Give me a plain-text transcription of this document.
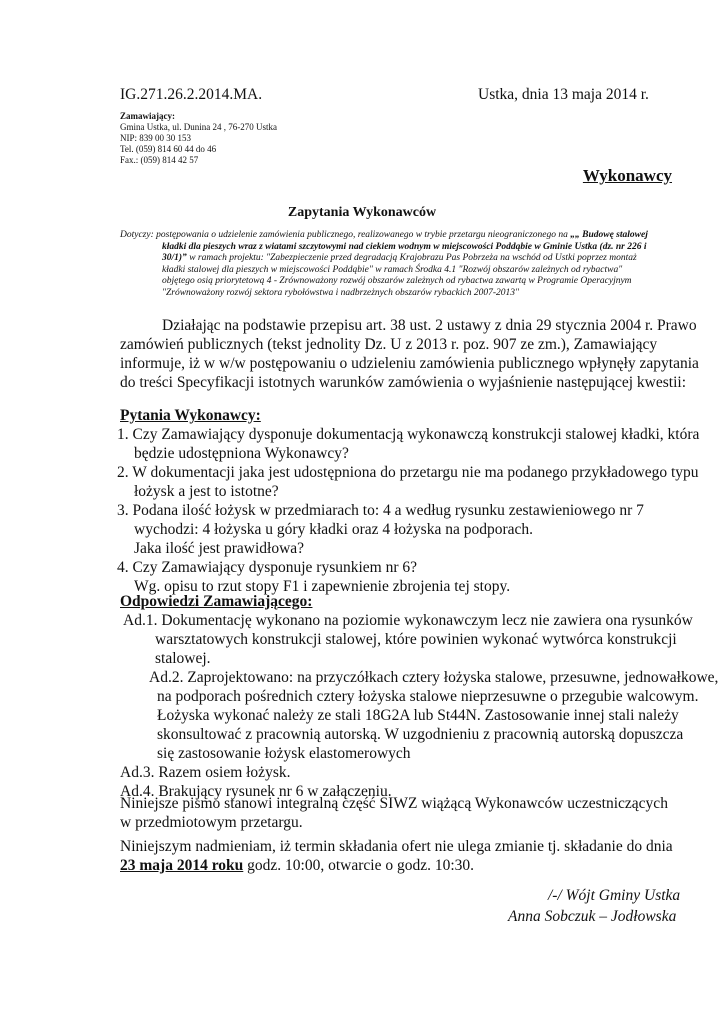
IG.271.26.2.2014.MA.	Ustka, dnia 13 maja 2014 r.
Zamawiający:
Gmina Ustka, ul. Dunina 24 , 76-270 Ustka
NIP: 839 00 30 153
Tel. (059) 814 60 44 do 46
Fax.: (059) 814 42 57
Wykonawcy
Zapytania Wykonawców
Dotyczy: postępowania o udzielenie zamówienia publicznego, realizowanego w trybie przetargu nieograniczonego na „„ Budowę stalowej
kładki dla pieszych wraz z wiatami szczytowymi nad ciekiem wodnym w miejscowości Poddąbie w Gminie Ustka (dz. nr 226 i
30/1)” w ramach projektu: "Zabezpieczenie przed degradacją Krajobrazu Pas Pobrzeża na wschód od Ustki poprzez montaż
kładki stalowej dla pieszych w miejscowości Poddąbie" w ramach Środka 4.1 "Rozwój obszarów zależnych od rybactwa"
objętego osią priorytetową 4 - Zrównoważony rozwój obszarów zależnych od rybactwa zawartą w Programie Operacyjnym
"Zrównoważony rozwój sektora rybołówstwa i nadbrzeżnych obszarów rybackich 2007-2013"
Działając na podstawie przepisu art. 38 ust. 2 ustawy z dnia 29 stycznia 2004 r. Prawo
zamówień publicznych (tekst jednolity Dz. U z 2013 r. poz. 907 ze zm.), Zamawiający
informuje, iż w w/w postępowaniu o udzieleniu zamówienia publicznego wpłynęły zapytania
do treści Specyfikacji istotnych warunków zamówienia o wyjaśnienie następującej kwestii:
Pytania Wykonawcy:
1. Czy Zamawiający dysponuje dokumentacją wykonawczą konstrukcji stalowej kładki, która
będzie udostępniona Wykonawcy?
2. W dokumentacji jaka jest udostępniona do przetargu nie ma podanego przykładowego typu
łożysk a jest to istotne?
3. Podana ilość łożysk w przedmiarach to: 4 a według rysunku zestawieniowego nr 7
wychodzi: 4 łożyska u góry kładki oraz 4 łożyska na podporach.
Jaka ilość jest prawidłowa?
4. Czy Zamawiający dysponuje rysunkiem nr 6?
Wg. opisu to rzut stopy F1 i zapewnienie zbrojenia tej stopy.
Odpowiedzi Zamawiającego:
Ad.1. Dokumentację wykonano na poziomie wykonawczym lecz nie zawiera ona rysunków
warsztatowych konstrukcji stalowej, które powinien wykonać wytwórca konstrukcji
stalowej.
Ad.2. Zaprojektowano: na przyczółkach cztery łożyska stalowe, przesuwne, jednowałkowe,
na podporach pośrednich cztery łożyska stalowe nieprzesuwne o przegubie walcowym.
Łożyska wykonać należy ze stali 18G2A lub St44N. Zastosowanie innej stali należy
skonsultować z pracownią autorską. W uzgodnieniu z pracownią autorską dopuszcza
się zastosowanie łożysk elastomerowych
Ad.3. Razem osiem łożysk.
Ad.4. Brakujący rysunek nr 6 w załączeniu.
Niniejsze pismo stanowi integralną część SIWZ wiążącą Wykonawców uczestniczących
w przedmiotowym przetargu.
Niniejszym nadmieniam, iż termin składania ofert nie ulega zmianie tj. składanie do dnia
23 maja 2014 roku godz. 10:00, otwarcie o godz. 10:30.
/-/ Wójt Gminy Ustka
Anna Sobczuk – Jodłowska
